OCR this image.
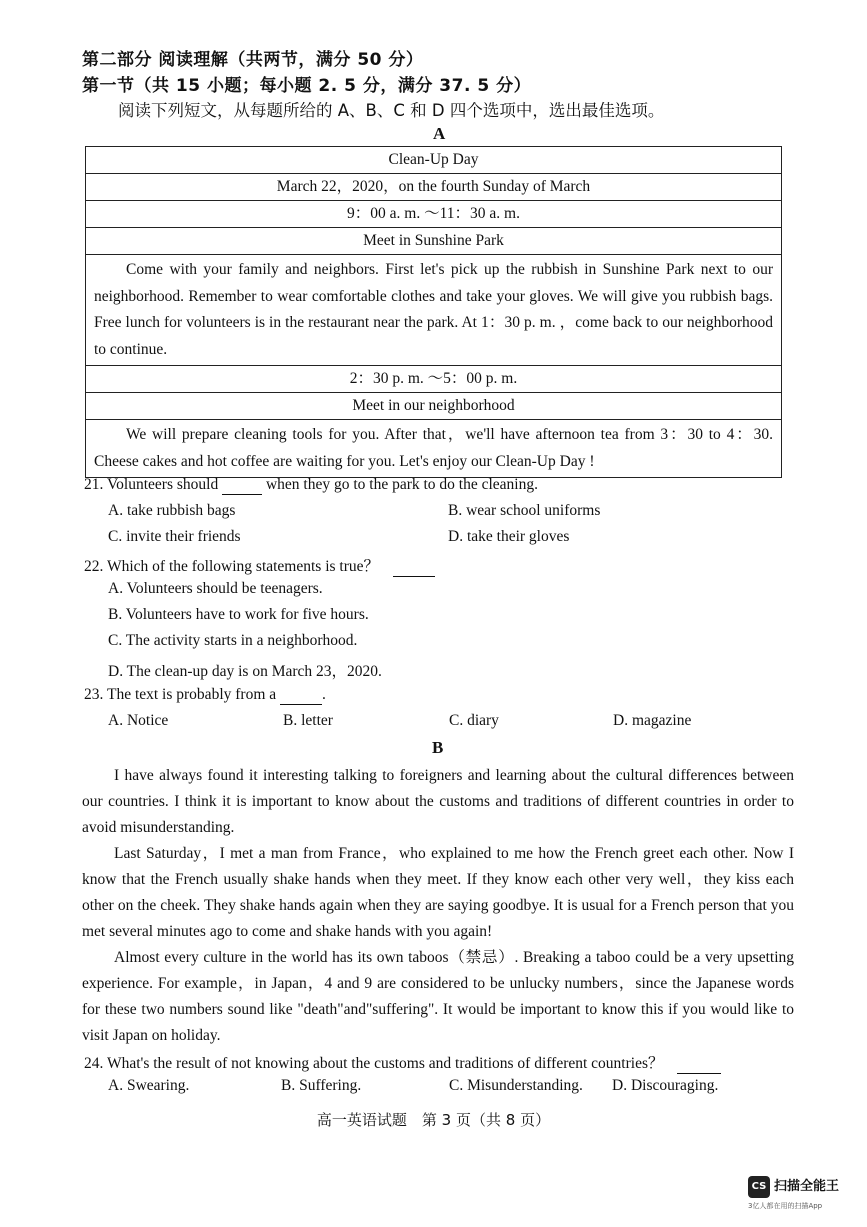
第二部分 阅读理解（共两节，满分 50 分）
第一节（共 15 小题；每小题 2. 5 分，满分 37. 5 分）
阅读下列短文，从每题所给的 A、B、C 和 D 四个选项中，选出最佳选项。
A
Clean-Up Day
March 22，2020，on the fourth Sunday of March
9：00 a. m. ～11：30 a. m.
Meet in Sunshine Park
Come with your family and neighbors. First let's pick up the rubbish in Sunshine Park next to our neighborhood. Remember to wear comfortable clothes and take your gloves. We will give you rubbish bags. Free lunch for volunteers is in the restaurant near the park. At 1：30 p. m. ，come back to our neighborhood to continue.
2：30 p. m. ～5：00 p. m.
Meet in our neighborhood
We will prepare cleaning tools for you. After that，we'll have afternoon tea from 3：30 to 4：30. Cheese cakes and hot coffee are waiting for you. Let's enjoy our Clean-Up Day !
21. Volunteers should	when they go to the park to do the cleaning.
A. take rubbish bags	B. wear school uniforms
C. invite their friends	D. take their gloves
22. Which of the following statements is true？
A. Volunteers should be teenagers.
B. Volunteers have to work for five hours.
C. The activity starts in a neighborhood.
D. The clean-up day is on March 23，2020.
23. The text is probably from a	.
A. Notice	B. letter	C. diary	D. magazine
B

I have always found it interesting talking to foreigners and learning about the cultural differences between our countries. I think it is important to know about the customs and traditions of different countries in order to avoid misunderstanding.

Last Saturday，I met a man from France，who explained to me how the French greet each other. Now I know that the French usually shake hands when they meet. If they know each other very well，they kiss each other on the cheek. They shake hands again when they are saying goodbye. It is usual for a French person that you met several minutes ago to come and shake hands with you again!

Almost every culture in the world has its own taboos（禁忌）. Breaking a taboo could be a very upsetting experience. For example，in Japan，4 and 9 are considered to be unlucky numbers，since the Japanese words for these two numbers sound like "death"and"suffering". It would be important to know this if you would like to visit Japan on holiday.

24. What's the result of not knowing about the customs and traditions of different countries？
A. Swearing.	B. Suffering.	C. Misunderstanding. D. Discouraging.
高一英语试题　第 3 页（共 8 页）
CS 扫描全能王
3亿人都在用的扫描App
